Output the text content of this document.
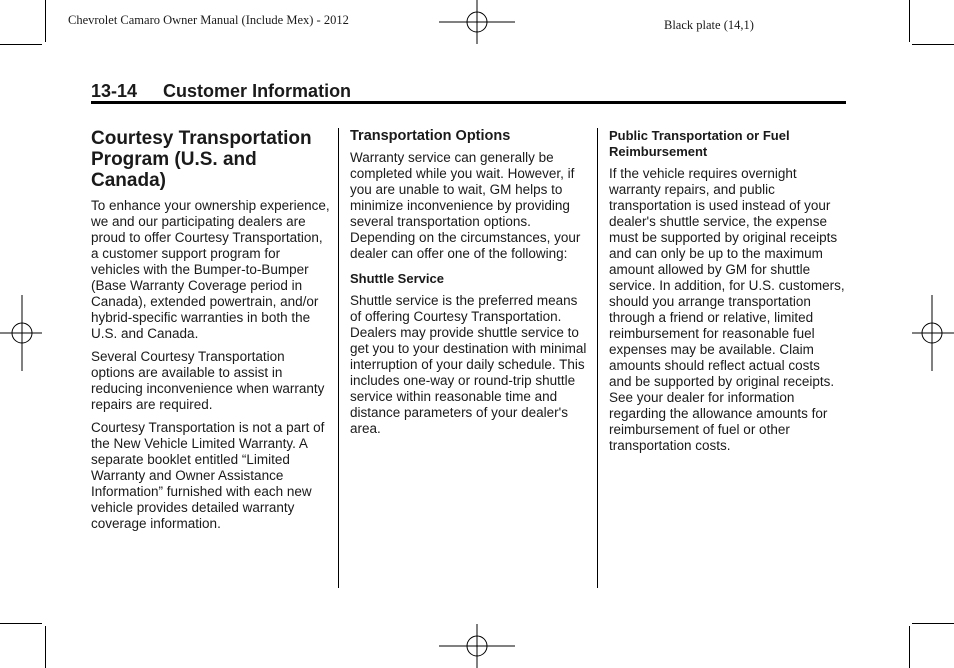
Chevrolet Camaro Owner Manual (Include Mex) - 2012	Black plate (14,1)
13-14 Customer Information
Courtesy Transportation Program (U.S. and Canada)
To enhance your ownership experience, we and our participating dealers are proud to offer Courtesy Transportation, a customer support program for vehicles with the Bumper-to-Bumper (Base Warranty Coverage period in Canada), extended powertrain, and/or hybrid-specific warranties in both the U.S. and Canada.
Several Courtesy Transportation options are available to assist in reducing inconvenience when warranty repairs are required.
Courtesy Transportation is not a part of the New Vehicle Limited Warranty. A separate booklet entitled “Limited Warranty and Owner Assistance Information” furnished with each new vehicle provides detailed warranty coverage information.
Transportation Options
Warranty service can generally be completed while you wait. However, if you are unable to wait, GM helps to minimize inconvenience by providing several transportation options. Depending on the circumstances, your dealer can offer one of the following:
Shuttle Service
Shuttle service is the preferred means of offering Courtesy Transportation. Dealers may provide shuttle service to get you to your destination with minimal interruption of your daily schedule. This includes one-way or round-trip shuttle service within reasonable time and distance parameters of your dealer's area.
Public Transportation or Fuel Reimbursement
If the vehicle requires overnight warranty repairs, and public transportation is used instead of your dealer's shuttle service, the expense must be supported by original receipts and can only be up to the maximum amount allowed by GM for shuttle service. In addition, for U.S. customers, should you arrange transportation through a friend or relative, limited reimbursement for reasonable fuel expenses may be available. Claim amounts should reflect actual costs and be supported by original receipts. See your dealer for information regarding the allowance amounts for reimbursement of fuel or other transportation costs.
